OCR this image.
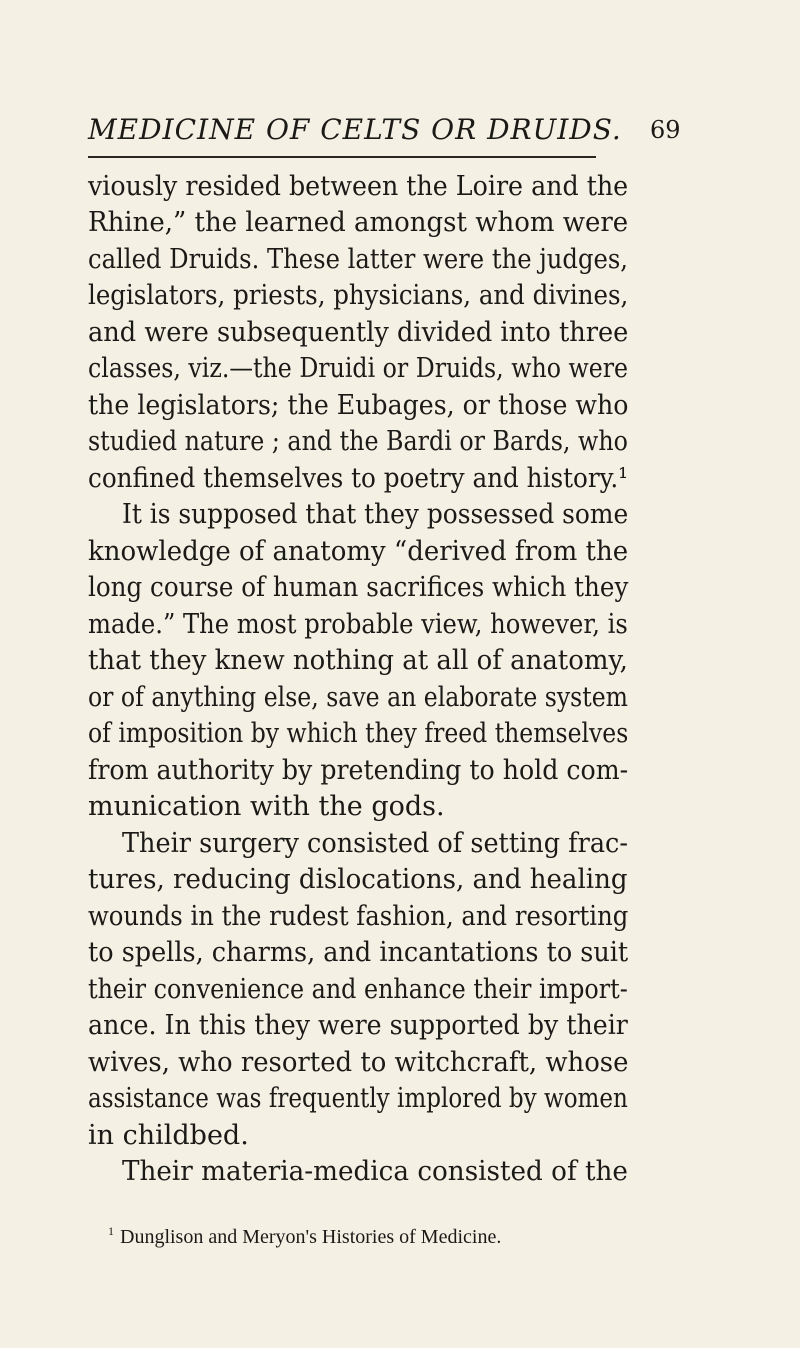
MEDICINE OF CELTS OR DRUIDS. 69
viously resided between the Loire and the
Rhine,” the learned amongst whom were
called Druids. These latter were the judges,
legislators, priests, physicians, and divines,
and were subsequently divided into three
classes, viz.—the Druidi or Druids, who were
the legislators; the Eubages, or those who
studied nature ; and the Bardi or Bards, who
confined themselves to poetry and history.¹
It is supposed that they possessed some
knowledge of anatomy “derived from the
long course of human sacrifices which they
made.” The most probable view, however, is
that they knew nothing at all of anatomy,
or of anything else, save an elaborate system
of imposition by which they freed themselves
from authority by pretending to hold com-
munication with the gods.
Their surgery consisted of setting frac-
tures, reducing dislocations, and healing
wounds in the rudest fashion, and resorting
to spells, charms, and incantations to suit
their convenience and enhance their import-
ance. In this they were supported by their
wives, who resorted to witchcraft, whose
assistance was frequently implored by women
in childbed.
Their materia-medica consisted of the
$^1$ Dunglison and Meryon's Histories of Medicine.
